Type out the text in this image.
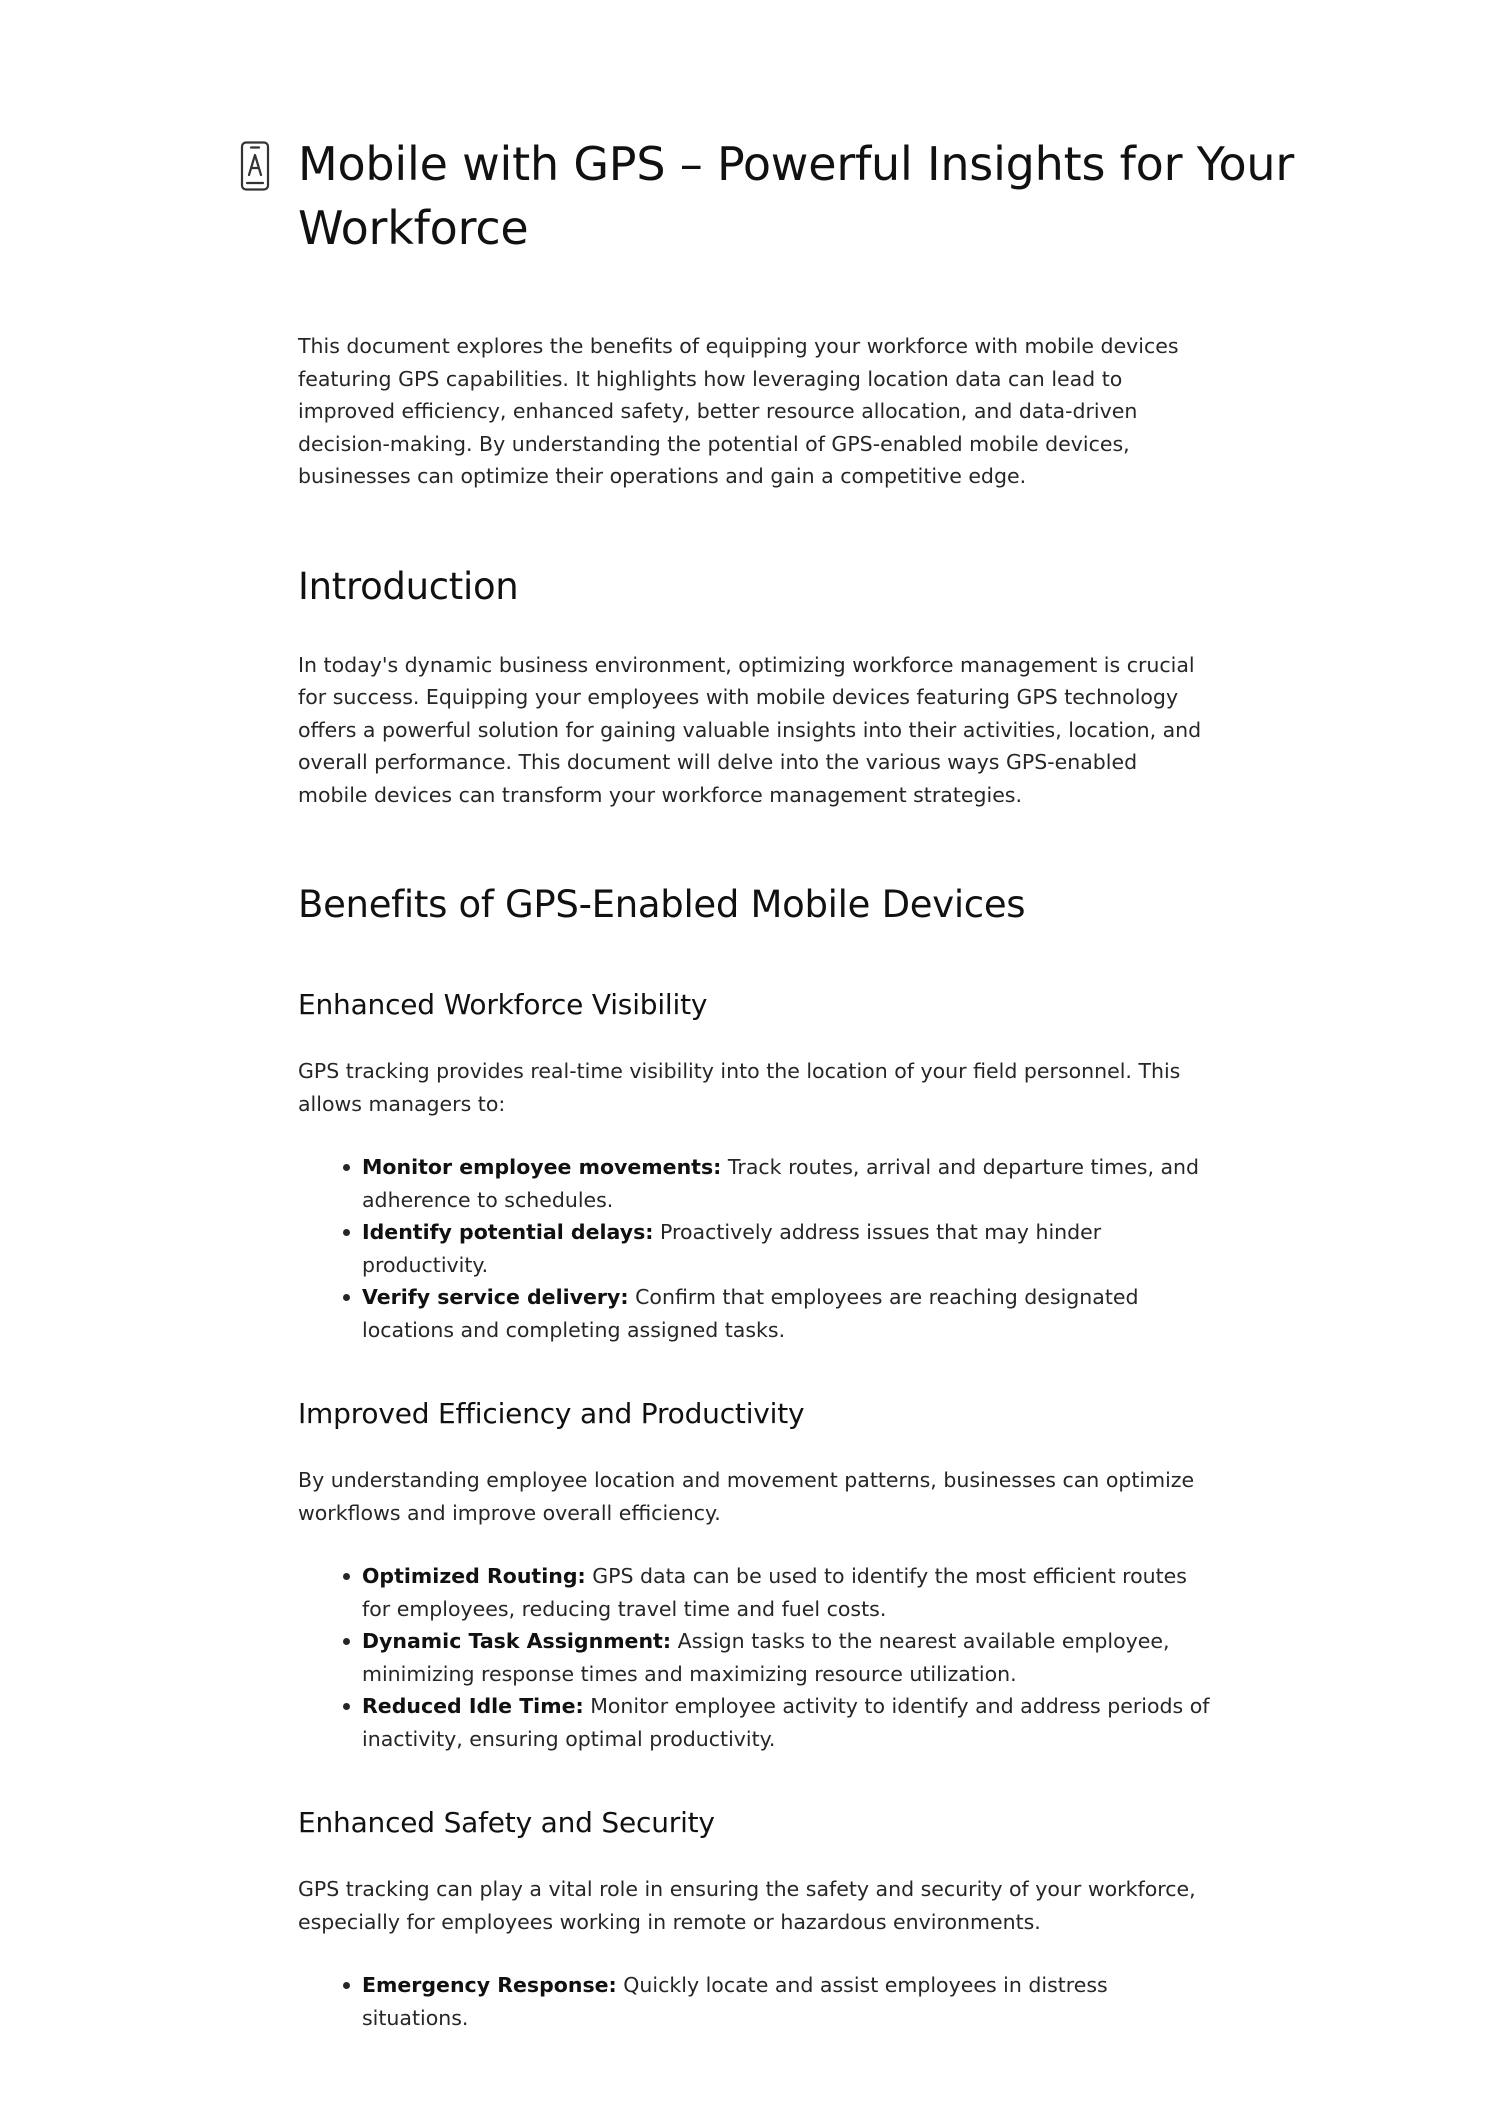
Mobile with GPS – Powerful Insights for Your Workforce

This document explores the benefits of equipping your workforce with mobile devices featuring GPS capabilities. It highlights how leveraging location data can lead to improved efficiency, enhanced safety, better resource allocation, and data-driven decision-making. By understanding the potential of GPS-enabled mobile devices, businesses can optimize their operations and gain a competitive edge.

Introduction

In today's dynamic business environment, optimizing workforce management is crucial for success. Equipping your employees with mobile devices featuring GPS technology offers a powerful solution for gaining valuable insights into their activities, location, and overall performance. This document will delve into the various ways GPS-enabled mobile devices can transform your workforce management strategies.

Benefits of GPS-Enabled Mobile Devices
Enhanced Workforce Visibility

GPS tracking provides real-time visibility into the location of your field personnel. This allows managers to:

Monitor employee movements: Track routes, arrival and departure times, and adherence to schedules.
Identify potential delays: Proactively address issues that may hinder productivity.
Verify service delivery: Confirm that employees are reaching designated locations and completing assigned tasks.
Improved Efficiency and Productivity

By understanding employee location and movement patterns, businesses can optimize workflows and improve overall efficiency.

Optimized Routing: GPS data can be used to identify the most efficient routes for employees, reducing travel time and fuel costs.
Dynamic Task Assignment: Assign tasks to the nearest available employee, minimizing response times and maximizing resource utilization.
Reduced Idle Time: Monitor employee activity to identify and address periods of inactivity, ensuring optimal productivity.
Enhanced Safety and Security

GPS tracking can play a vital role in ensuring the safety and security of your workforce, especially for employees working in remote or hazardous environments.

Emergency Response: Quickly locate and assist employees in distress situations.
